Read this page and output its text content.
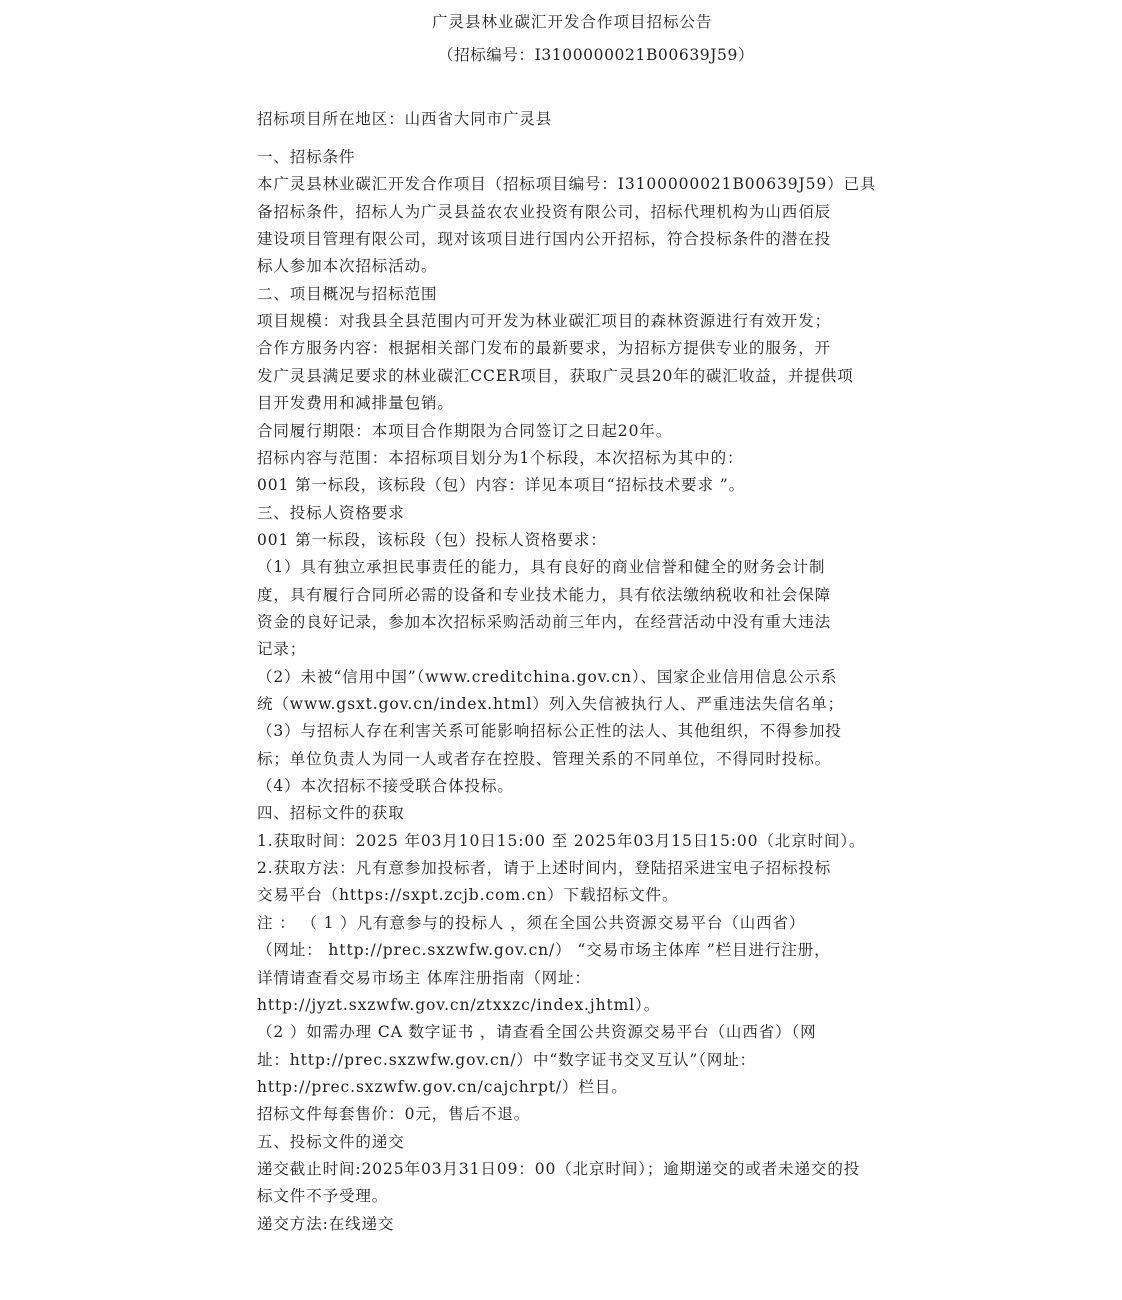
广灵县林业碳汇开发合作项目招标公告
（招标编号：I3100000021B00639J59）
招标项目所在地区：山西省大同市广灵县
一、招标条件
本广灵县林业碳汇开发合作项目（招标项目编号：I3100000021B00639J59）已具
备招标条件，招标人为广灵县益农农业投资有限公司，招标代理机构为山西佰辰
建设项目管理有限公司，现对该项目进行国内公开招标，符合投标条件的潜在投
标人参加本次招标活动。
二、项目概况与招标范围
项目规模：对我县全县范围内可开发为林业碳汇项目的森林资源进行有效开发；
合作方服务内容：根据相关部门发布的最新要求，为招标方提供专业的服务，开
发广灵县满足要求的林业碳汇CCER项目，获取广灵县20年的碳汇收益，并提供项
目开发费用和减排量包销。
合同履行期限：本项目合作期限为合同签订之日起20年。
招标内容与范围：本招标项目划分为1个标段，本次招标为其中的：
001 第一标段，该标段（包）内容：详见本项目“招标技术要求 ”。
三、投标人资格要求
001 第一标段，该标段（包）投标人资格要求：
（1）具有独立承担民事责任的能力，具有良好的商业信誉和健全的财务会计制
度，具有履行合同所必需的设备和专业技术能力，具有依法缴纳税收和社会保障
资金的良好记录，参加本次招标采购活动前三年内，在经营活动中没有重大违法
记录；
（2）未被“信用中国”（www.creditchina.gov.cn）、国家企业信用信息公示系
统（www.gsxt.gov.cn/index.html）列入失信被执行人、严重违法失信名单；
（3）与招标人存在利害关系可能影响招标公正性的法人、其他组织，不得参加投
标；单位负责人为同一人或者存在控股、管理关系的不同单位，不得同时投标。
（4）本次招标不接受联合体投标。
四、招标文件的获取
1.获取时间：2025 年03月10日15:00 至 2025年03月15日15:00（北京时间）。
2.获取方法：凡有意参加投标者，请于上述时间内，登陆招采进宝电子招标投标
交易平台（https://sxpt.zcjb.com.cn）下载招标文件。
注 ： （ 1 ）凡有意参与的投标人 ，须在全国公共资源交易平台（山西省）
（网址： http://prec.sxzwfw.gov.cn/） “交易市场主体库 ”栏目进行注册，
详情请查看交易市场主 体库注册指南（网址：
http://jyzt.sxzwfw.gov.cn/ztxxzc/index.jhtml）。
（2 ）如需办理 CA 数字证书 ，请查看全国公共资源交易平台（山西省）（网
址：http://prec.sxzwfw.gov.cn/）中“数字证书交叉互认”（网址：
http://prec.sxzwfw.gov.cn/cajchrpt/）栏目。
招标文件每套售价：0元，售后不退。
五、投标文件的递交
递交截止时间:2025年03月31日09：00（北京时间）；逾期递交的或者未递交的投
标文件不予受理。
递交方法:在线递交
